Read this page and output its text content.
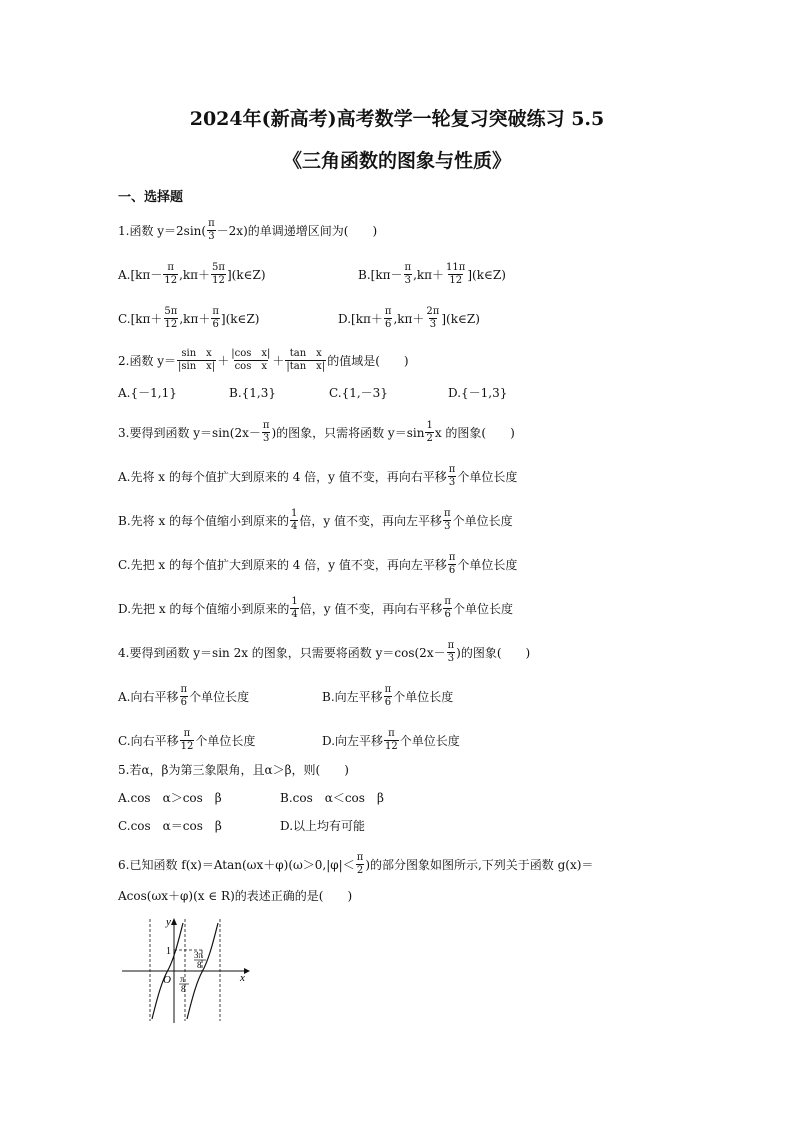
2024年(新高考)高考数学一轮复习突破练习 5.5
《三角函数的图象与性质》
一、选择题
1.函数 $y=2\sin( \frac{\pi}{3} -2x)$的单调递增区间为(　　)
$A.[k\pi- \frac{\pi}{12} ,k\pi+ \frac{5\pi}{12}$ ](k∈Z)	$B.[k\pi- \frac{\pi}{3} ,k\pi+ \frac{11\pi}{12}$ ](k∈Z)
$C.[k\pi+ \frac{5\pi}{12} ,k\pi+ \frac{\pi}{6}$ ](k∈Z)	$D.[k\pi+ \frac{\pi}{6} ,k\pi+ \frac{2\pi}{3}$ ](k∈Z)
2.函数 $y= \frac{\text{sin　x}}{\text{|sin　x|}} + \frac{\text{|cos　x|}}{\text{cos　x}} + \frac{\text{tan　x}}{\text{|tan　x|}}$ 的值域是(　　)
A.{－1,1}	B.{1,3}	C.{1,－3}	D.{－1,3}
3.要得到函数 $y=\sin(2x- \frac{\pi}{3}$ )的图象，只需将函数 $y=\sin \frac{1}{2}$ x 的图象(　　)
A.先将 x 的每个值扩大到原来的 4 倍，y 值不变，再向右平移 $\frac{\pi}{3}$ 个单位长度
B.先将 x 的每个值缩小到原来的 $\frac{1}{4}$ 倍，y 值不变，再向左平移 $\frac{\pi}{3}$ 个单位长度
C.先把 x 的每个值扩大到原来的 4 倍，y 值不变，再向左平移 $\frac{\pi}{6}$ 个单位长度
D.先把 x 的每个值缩小到原来的 $\frac{1}{4}$ 倍，y 值不变，再向右平移 $\frac{\pi}{6}$ 个单位长度
4.要得到函数 y＝sin 2x 的图象，只需要将函数 $y=\cos(2x- \frac{\pi}{3}$ )的图象(　　)
A.向右平移 $\frac{\pi}{6}$ 个单位长度	B.向左平移 $\frac{\pi}{6}$ 个单位长度
C.向右平移 $\frac{\pi}{12}$ 个单位长度	D.向左平移 $\frac{\pi}{12}$ 个单位长度
5.若α，β为第三象限角，且α＞β，则(　　)
A.cos　α＞cos　β	B.cos　α＜cos　β
C.cos　α＝cos　β	D.以上均有可能
6.已知函数 $f(x)=Atan(\omega x+\varphi)(\omega>0,|\varphi|< \frac{\pi}{2}$ )的部分图象如图所示,下列关于函数 g(x)＝
Acos(ωx＋φ)(x ∈ R)的表述正确的是(　　)
y
x
O
1	3π
8
π
8
